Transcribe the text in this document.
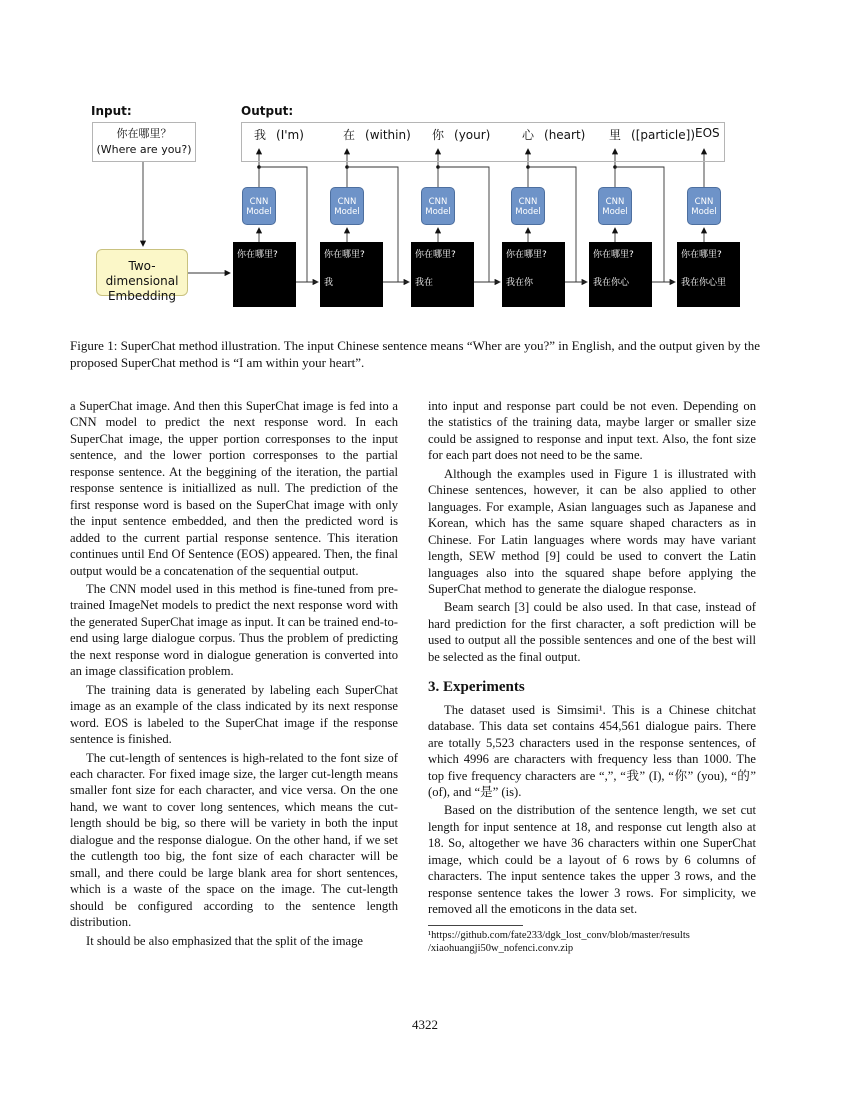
Input:	Output:
你在哪里？
(Where are you?)
我 (I'm)	在 (within) 你 (your)	心 (heart) 里 ([particle]) EOS
Two-dimensional
Embedding
CNN
Model
CNN
Model
CNN
Model
CNN
Model
CNN
Model
CNN
Model
你在哪里?	你在哪里?
我
你在哪里?
我在
你在哪里?
我在你
你在哪里?
我在你心
你在哪里?
我在你心里
Figure 1: SuperChat method illustration. The input Chinese sentence means “Wher are you?” in English, and the output given by the proposed SuperChat method is “I am within your heart”.

a SuperChat image. And then this SuperChat image is fed into a CNN model to predict the next response word. In each SuperChat image, the upper portion corresponses to the input sentence, and the lower portion corresponses to the partial response sentence. At the beggining of the iteration, the partial response sentence is initiallized as null. The prediction of the first response word is based on the SuperChat image with only the input sentence embedded, and then the predicted word is added to the current partial response sentence. This iteration continues until End Of Sentence (EOS) appeared. Then, the final output would be a concatenation of the sequential output.

The CNN model used in this method is fine-tuned from pre-trained ImageNet models to predict the next response word with the generated SuperChat image as input. It can be trained end-to-end using large dialogue corpus. Thus the problem of predicting the next response word in dialogue generation is converted into an image classification problem.

The training data is generated by labeling each SuperChat image as an example of the class indicated by its next response word. EOS is labeled to the SuperChat image if the response sentence is finished.

The cut-length of sentences is high-related to the font size of each character. For fixed image size, the larger cut-length means smaller font size for each character, and vice versa. On the one hand, we want to cover long sentences, which means the cut-length should be big, so there will be variety in both the input dialogue and the response dialogue. On the other hand, if we set the cutlength too big, the font size of each character will be small, and there could be large blank area for short sentences, which is a waste of the space on the image. The cut-length should be configured according to the sentence length distribution.

It should be also emphasized that the split of the image

into input and response part could be not even. Depending on the statistics of the training data, maybe larger or smaller size could be assigned to response and input text. Also, the font size for each part does not need to be the same.

Although the examples used in Figure 1 is illustrated with Chinese sentences, however, it can be also applied to other languages. For example, Asian languages such as Japanese and Korean, which has the same square shaped characters as in Chinese. For Latin languages where words may have variant length, SEW method [9] could be used to convert the Latin languages also into the squared shape before applying the SuperChat method to generate the dialogue response.

Beam search [3] could be also used. In that case, instead of hard prediction for the first character, a soft prediction will be used to output all the possible sentences and one of the best will be selected as the final output.

3. Experiments

The dataset used is Simsimi¹. This is a Chinese chitchat database. This data set contains 454,561 dialogue pairs. There are totally 5,523 characters used in the response sentences, of which 4996 are characters with frequency less than 1000. The top five frequency characters are “,”, “我” (I), “你” (you), “的” (of), and “是” (is).

Based on the distribution of the sentence length, we set cut length for input sentence at 18, and response cut length also at 18. So, altogether we have 36 characters within one SuperChat image, which could be a layout of 6 rows by 6 columns of characters. The input sentence takes the upper 3 rows, and the response sentence takes the lower 3 rows. For simplicity, we removed all the emoticons in the data set.

¹https://github.com/fate233/dgk_lost_conv/blob/master/results /xiaohuangji50w_nofenci.conv.zip
4322
